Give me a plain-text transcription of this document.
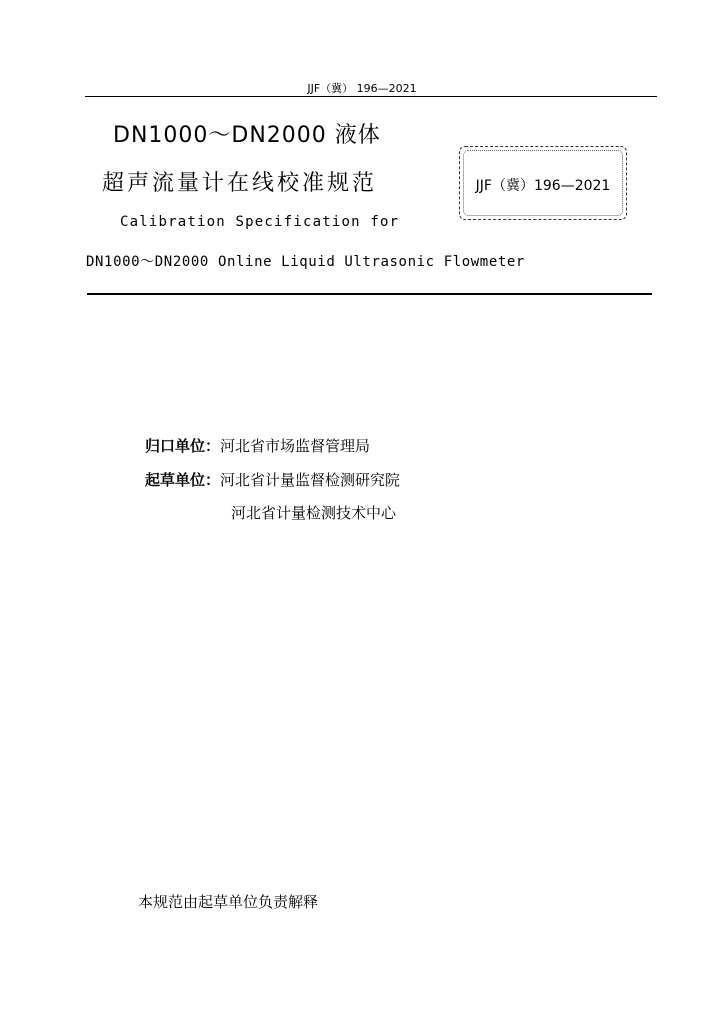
JJF（冀） 196—2021
DN1000～DN2000 液体
超声流量计在线校准规范	JJF（冀）196—2021
Calibration Specification for
DN1000～DN2000 Online Liquid Ultrasonic Flowmeter
归口单位：河北省市场监督管理局
起草单位：河北省计量监督检测研究院
河北省计量检测技术中心
本规范由起草单位负责解释
